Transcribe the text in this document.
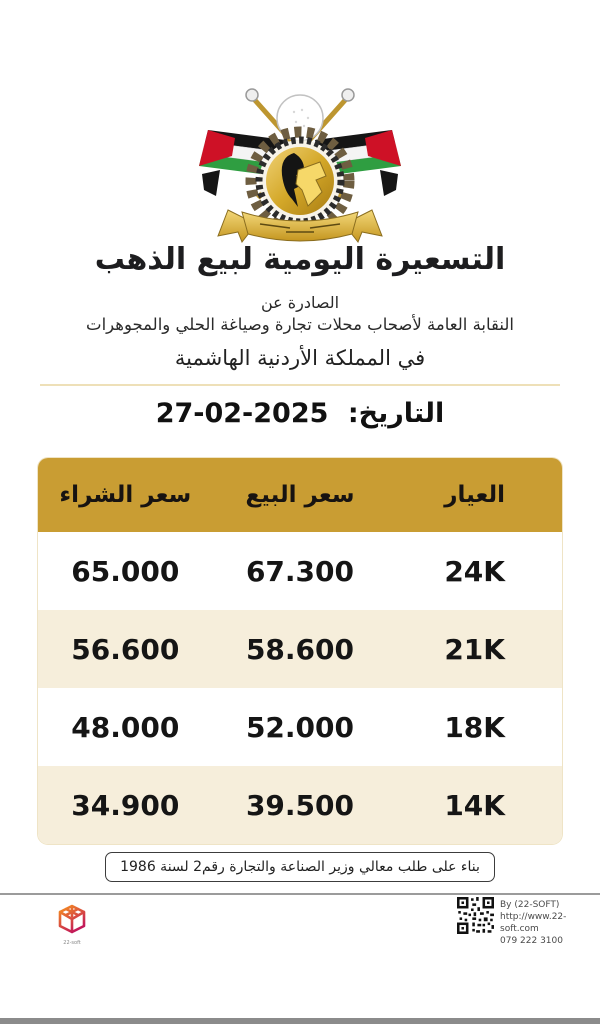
التسعيرة اليومية لبيع الذهب
الصادرة عن
النقابة العامة لأصحاب محلات تجارة وصياغة الحلي والمجوهرات
في المملكة الأردنية الهاشمية
التاريخ: 27-02-2025
العيار
سعر البيع
سعر الشراء
24K
67.300
65.000
21K
58.600
56.600
18K
52.000
48.000
14K
39.500
34.900
بناء على طلب معالي وزير الصناعة والتجارة رقم2 لسنة 1986
22-soft
By (22-SOFT)
http://www.22-soft.com
079 222 3100
